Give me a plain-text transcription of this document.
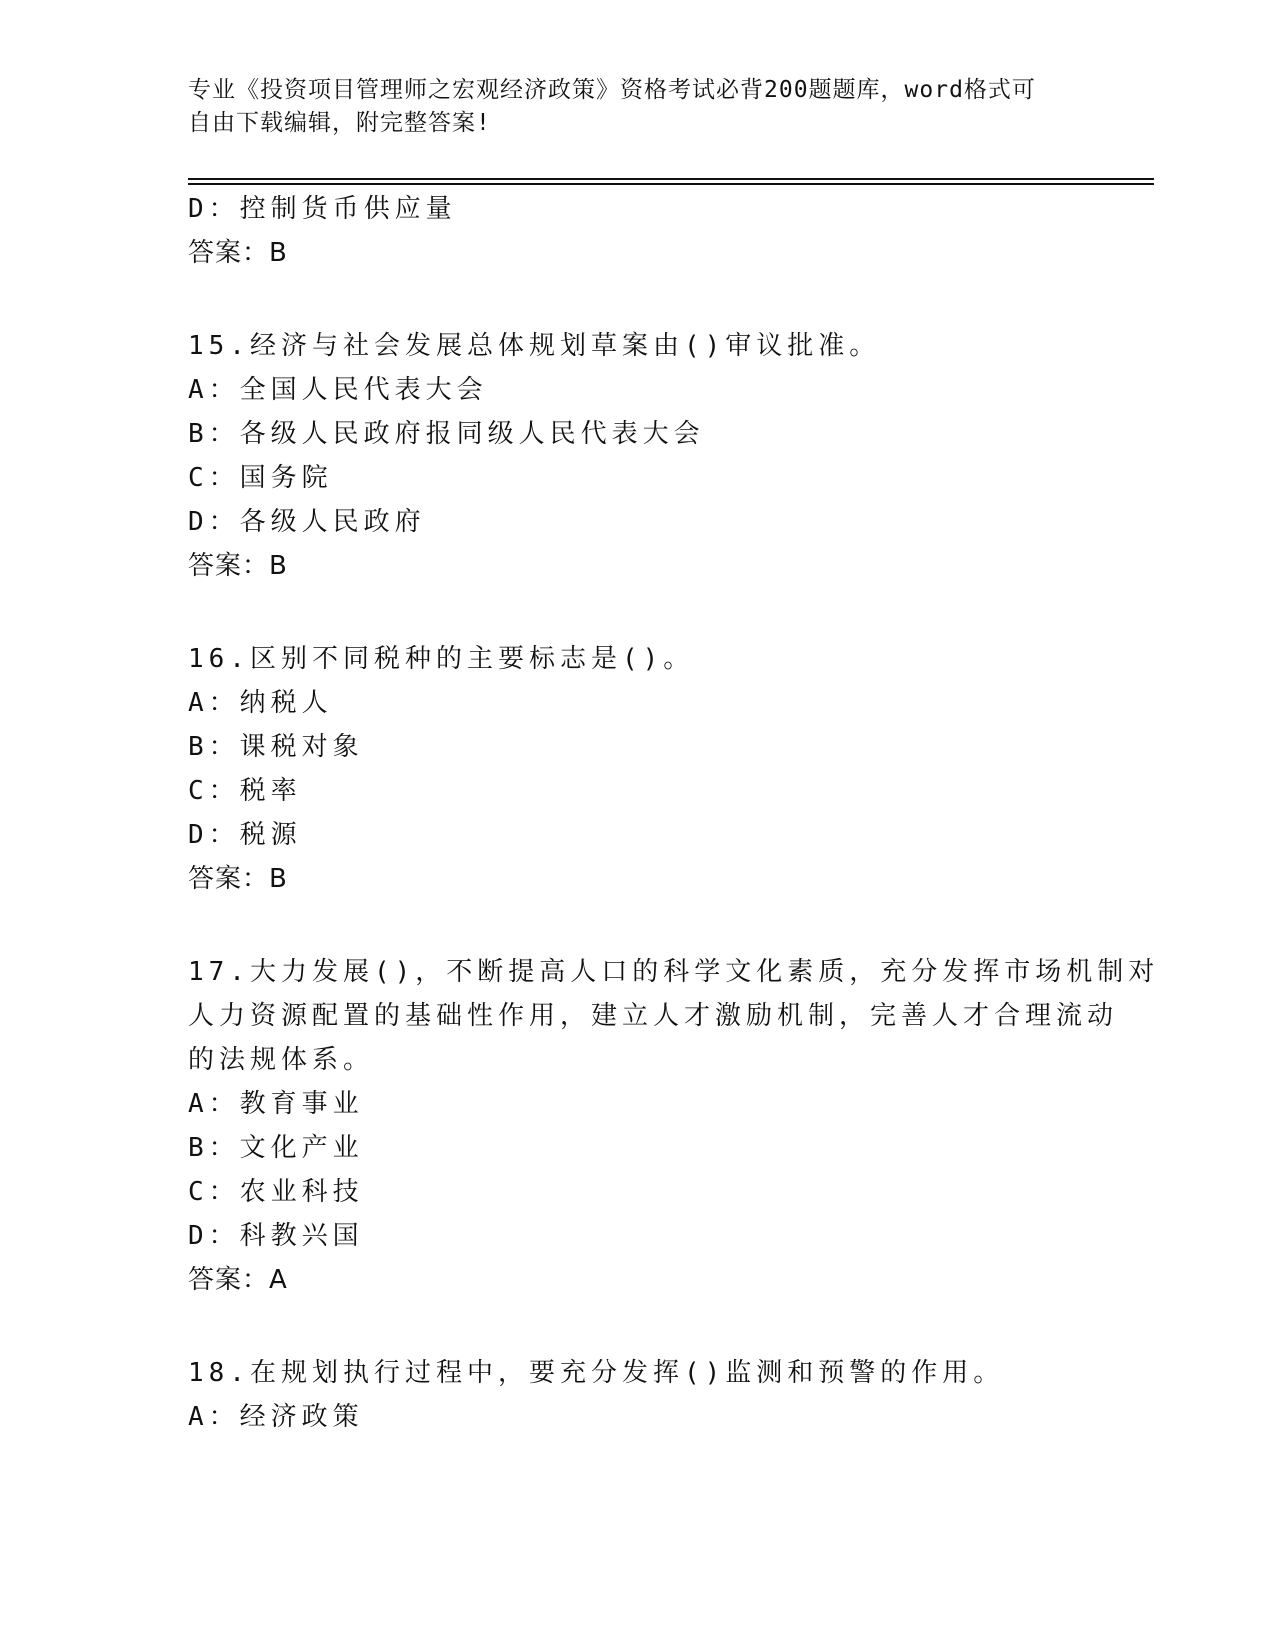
专业《投资项目管理师之宏观经济政策》资格考试必背200题题库，word格式可
自由下载编辑，附完整答案!
D：控制货币供应量
答案：B
15.经济与社会发展总体规划草案由()审议批准。
A：全国人民代表大会
B：各级人民政府报同级人民代表大会
C：国务院
D：各级人民政府
答案：B
16.区别不同税种的主要标志是()。
A：纳税人
B：课税对象
C：税率
D：税源
答案：B
17.大力发展()，不断提高人口的科学文化素质，充分发挥市场机制对
人力资源配置的基础性作用，建立人才激励机制，完善人才合理流动
的法规体系。
A：教育事业
B：文化产业
C：农业科技
D：科教兴国
答案：A
18.在规划执行过程中，要充分发挥()监测和预警的作用。
A：经济政策
